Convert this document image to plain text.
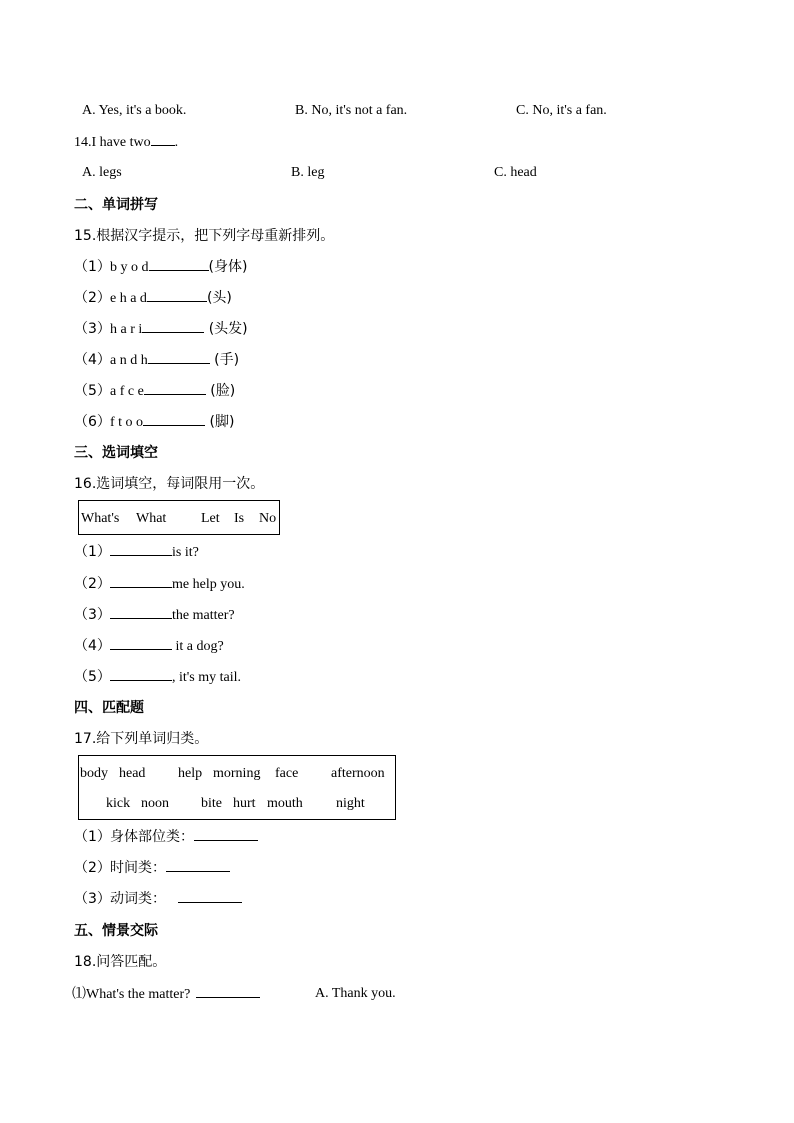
A. Yes, it's a book.	B. No, it's not a fan.	C. No, it's a fan.
14.I have two .
A. legs	B. leg	C. head
二、单词拼写
15.根据汉字提示，把下列字母重新排列。
（1）b y o d	(身体)
（2）e h a d	(头)
（3）h a r i	(头发)
（4）a n d h	(手)
（5）a f c e	(脸)
（6）f t o o	(脚)
三、选词填空
16.选词填空，每词限用一次。
What's What Let Is No
（1）	is it?
（2）	me help you.
（3）	the matter?
（4）	it a dog?
（5）	, it's my tail.
四、匹配题
17.给下列单词归类。
body head help morning face afternoon
kick noon bite hurt mouth night
（1）身体部位类：
（2）时间类：
（3）动词类：
五、情景交际
18.问答匹配。
⑴What's the matter?	A. Thank you.
